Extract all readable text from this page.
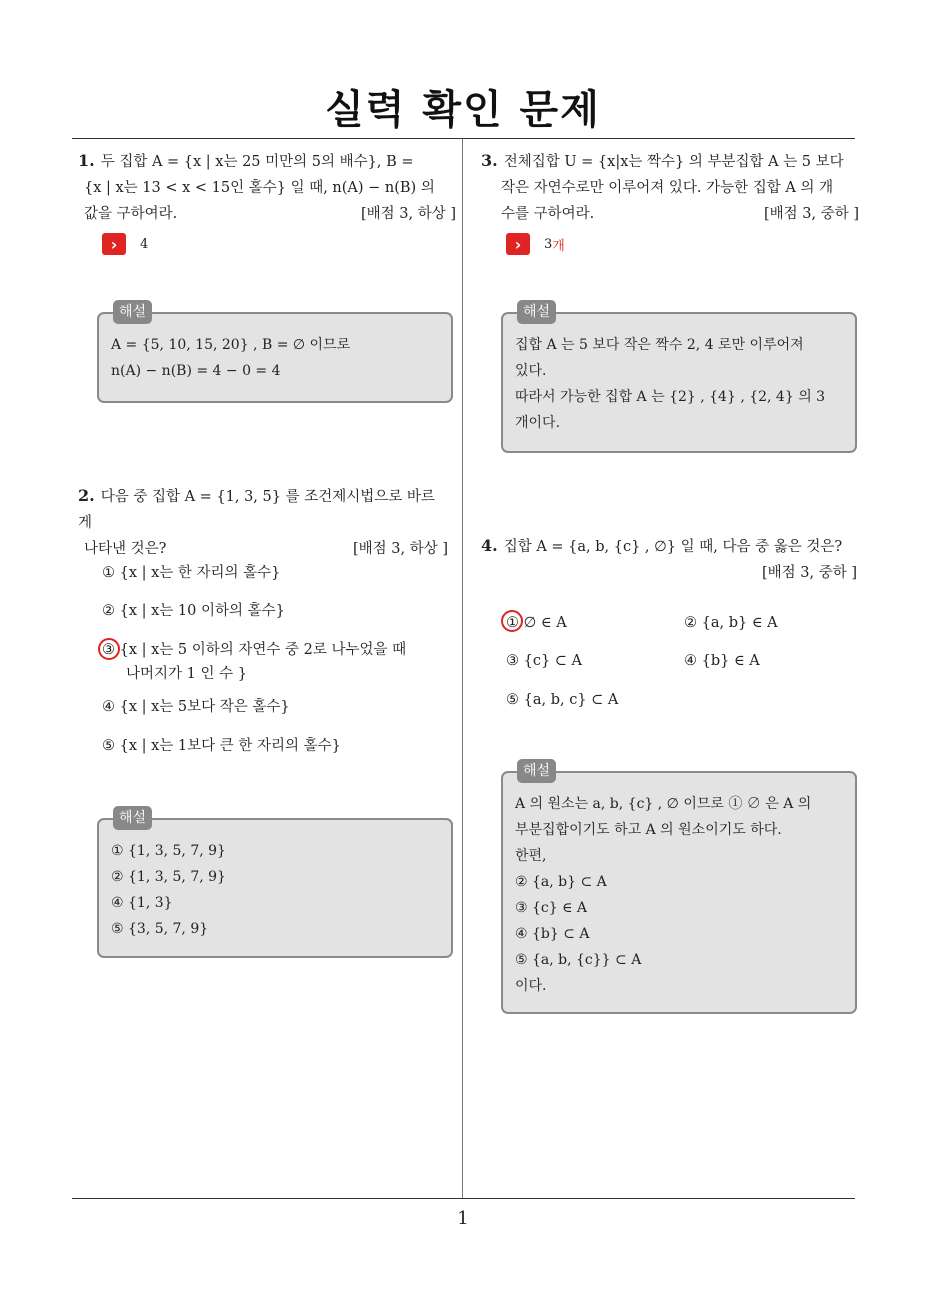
실력 확인 문제
1. 두 집합 A = {x | x는 25 미만의 5의 배수}, B =
{x | x는 13 < x < 15인 홀수} 일 때, n(A) − n(B) 의
값을 구하여라.	[배점 3, 하상 ]
›	4
해설
A = {5, 10, 15, 20} , B = ∅ 이므로
n(A) − n(B) = 4 − 0 = 4
2. 다음 중 집합 A = {1, 3, 5} 를 조건제시법으로 바르게
나타낸 것은?	[배점 3, 하상 ]
① {x | x는 한 자리의 홀수}
② {x | x는 10 이하의 홀수}
③ {x | x는 5 이하의 자연수 중 2로 나누었을 때
나머지가 1 인 수 }
④ {x | x는 5보다 작은 홀수}
⑤ {x | x는 1보다 큰 한 자리의 홀수}
해설
① {1, 3, 5, 7, 9}
② {1, 3, 5, 7, 9}
④ {1, 3}
⑤ {3, 5, 7, 9}
3. 전체집합 U = {x|x는 짝수} 의 부분집합 A 는 5 보다
작은 자연수로만 이루어져 있다. 가능한 집합 A 의 개
수를 구하여라.	[배점 3, 중하 ]
›	3 개
해설
집합 A 는 5 보다 작은 짝수 2, 4 로만 이루어져
있다.
따라서 가능한 집합 A 는 {2} , {4} , {2, 4} 의 3
개이다.
4. 집합 A = {a, b, {c} , ∅} 일 때, 다음 중 옳은 것은?

[배점 3, 중하 ]
① ∅ ∈ A	② {a, b} ∈ A
③ {c} ⊂ A	④ {b} ∈ A
⑤ {a, b, c} ⊂ A
해설
A 의 원소는 a, b, {c} , ∅ 이므로 ① ∅ 은 A 의
부분집합이기도 하고 A 의 원소이기도 하다.
한편,
② {a, b} ⊂ A
③ {c} ∈ A
④ {b} ⊂ A
⑤ {a, b, {c}} ⊂ A
이다.
1
